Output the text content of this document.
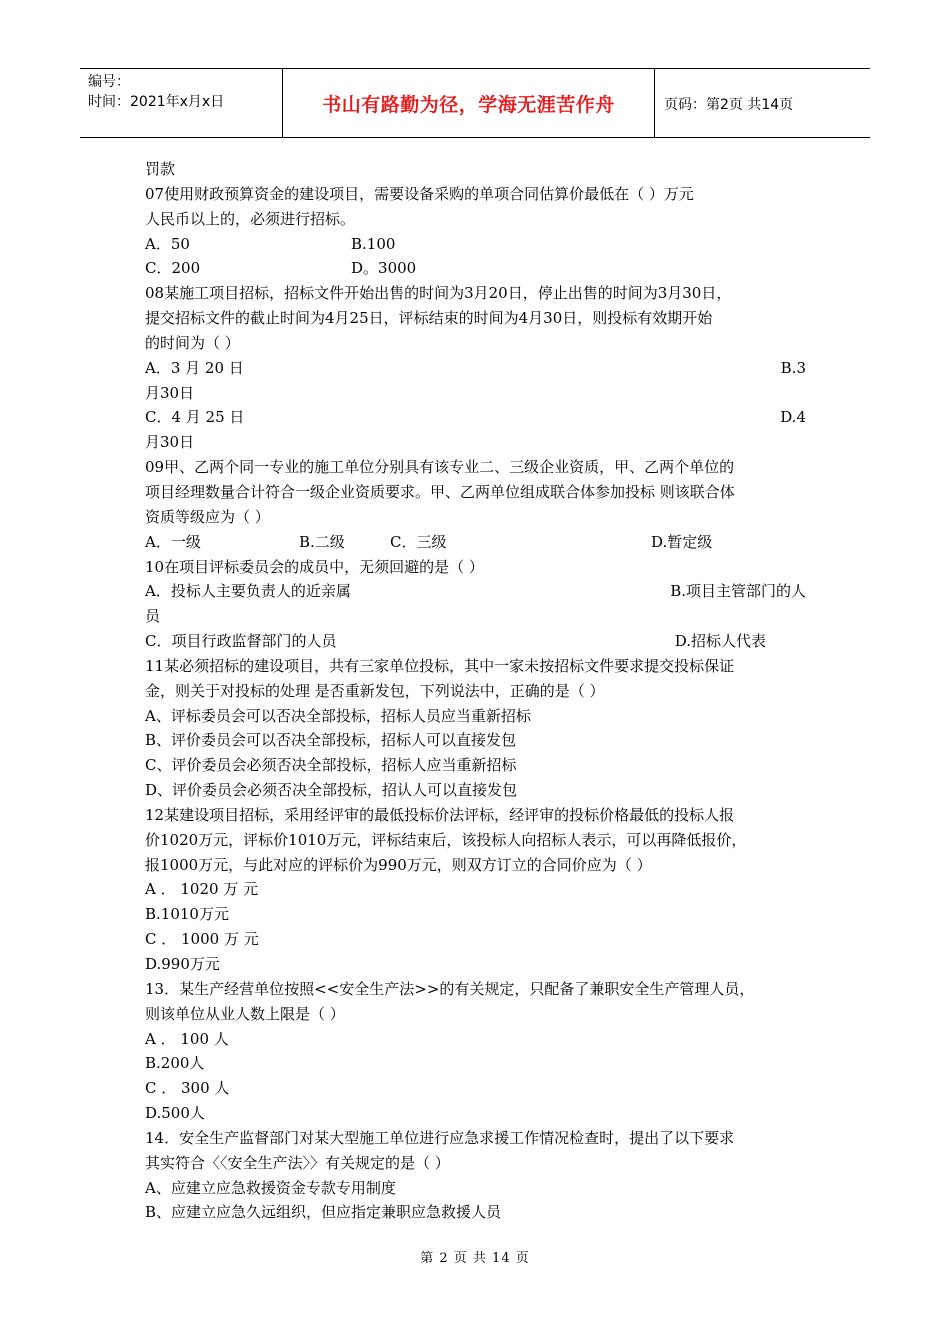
编号：
时间：2021年x月x日	书山有路勤为径，学海无涯苦作舟	页码：第2页 共14页
罚款
07使用财政预算资金的建设项目，需要设备采购的单项合同估算价最低在（ ）万元
人民币以上的，必须进行招标。
A．50	B.100
C．200	D。3000
08某施工项目招标，招标文件开始出售的时间为3月20日，停止出售的时间为3月30日，
提交招标文件的截止时间为4月25日，评标结束的时间为4月30日，则投标有效期开始
的时间为（ ）
A．3 月 20 日	B.3
月30日
C．4 月 25 日	D.4
月30日
09甲、乙两个同一专业的施工单位分别具有该专业二、三级企业资质，甲、乙两个单位的
项目经理数量合计符合一级企业资质要求。甲、乙两单位组成联合体参加投标 则该联合体
资质等级应为（ ）
A．一级	B.二级	C．三级	D.暂定级
10在项目评标委员会的成员中，无须回避的是（ ）
A．投标人主要负责人的近亲属	B.项目主管部门的人
员
C．项目行政监督部门的人员	D.招标人代表
11某必须招标的建设项目，共有三家单位投标，其中一家未按招标文件要求提交投标保证
金，则关于对投标的处理 是否重新发包，下列说法中，正确的是（ ）
A、评标委员会可以否决全部投标，招标人员应当重新招标
B、评价委员会可以否决全部投标，招标人可以直接发包
C、评价委员会必须否决全部投标，招标人应当重新招标
D、评价委员会必须否决全部投标，招认人可以直接发包
12某建设项目招标，采用经评审的最低投标价法评标，经评审的投标价格最低的投标人报
价1020万元，评标价1010万元，评标结束后，该投标人向招标人表示，可以再降低报价，
报1000万元，与此对应的评标价为990万元，则双方订立的合同价应为（ ）
A ． 1020 万 元
B.1010万元
C ． 1000 万 元
D.990万元
13．某生产经营单位按照<<安全生产法>>的有关规定，只配备了兼职安全生产管理人员，
则该单位从业人数上限是（ ）
A ． 100 人
B.200人
C ． 300 人
D.500人
14．安全生产监督部门对某大型施工单位进行应急求援工作情况检查时，提出了以下要求
其实符合〈〈安全生产法〉〉有关规定的是（ ）
A、应建立应急救援资金专款专用制度
B、应建立应急久远组织，但应指定兼职应急救援人员
第 2 页 共 14 页
